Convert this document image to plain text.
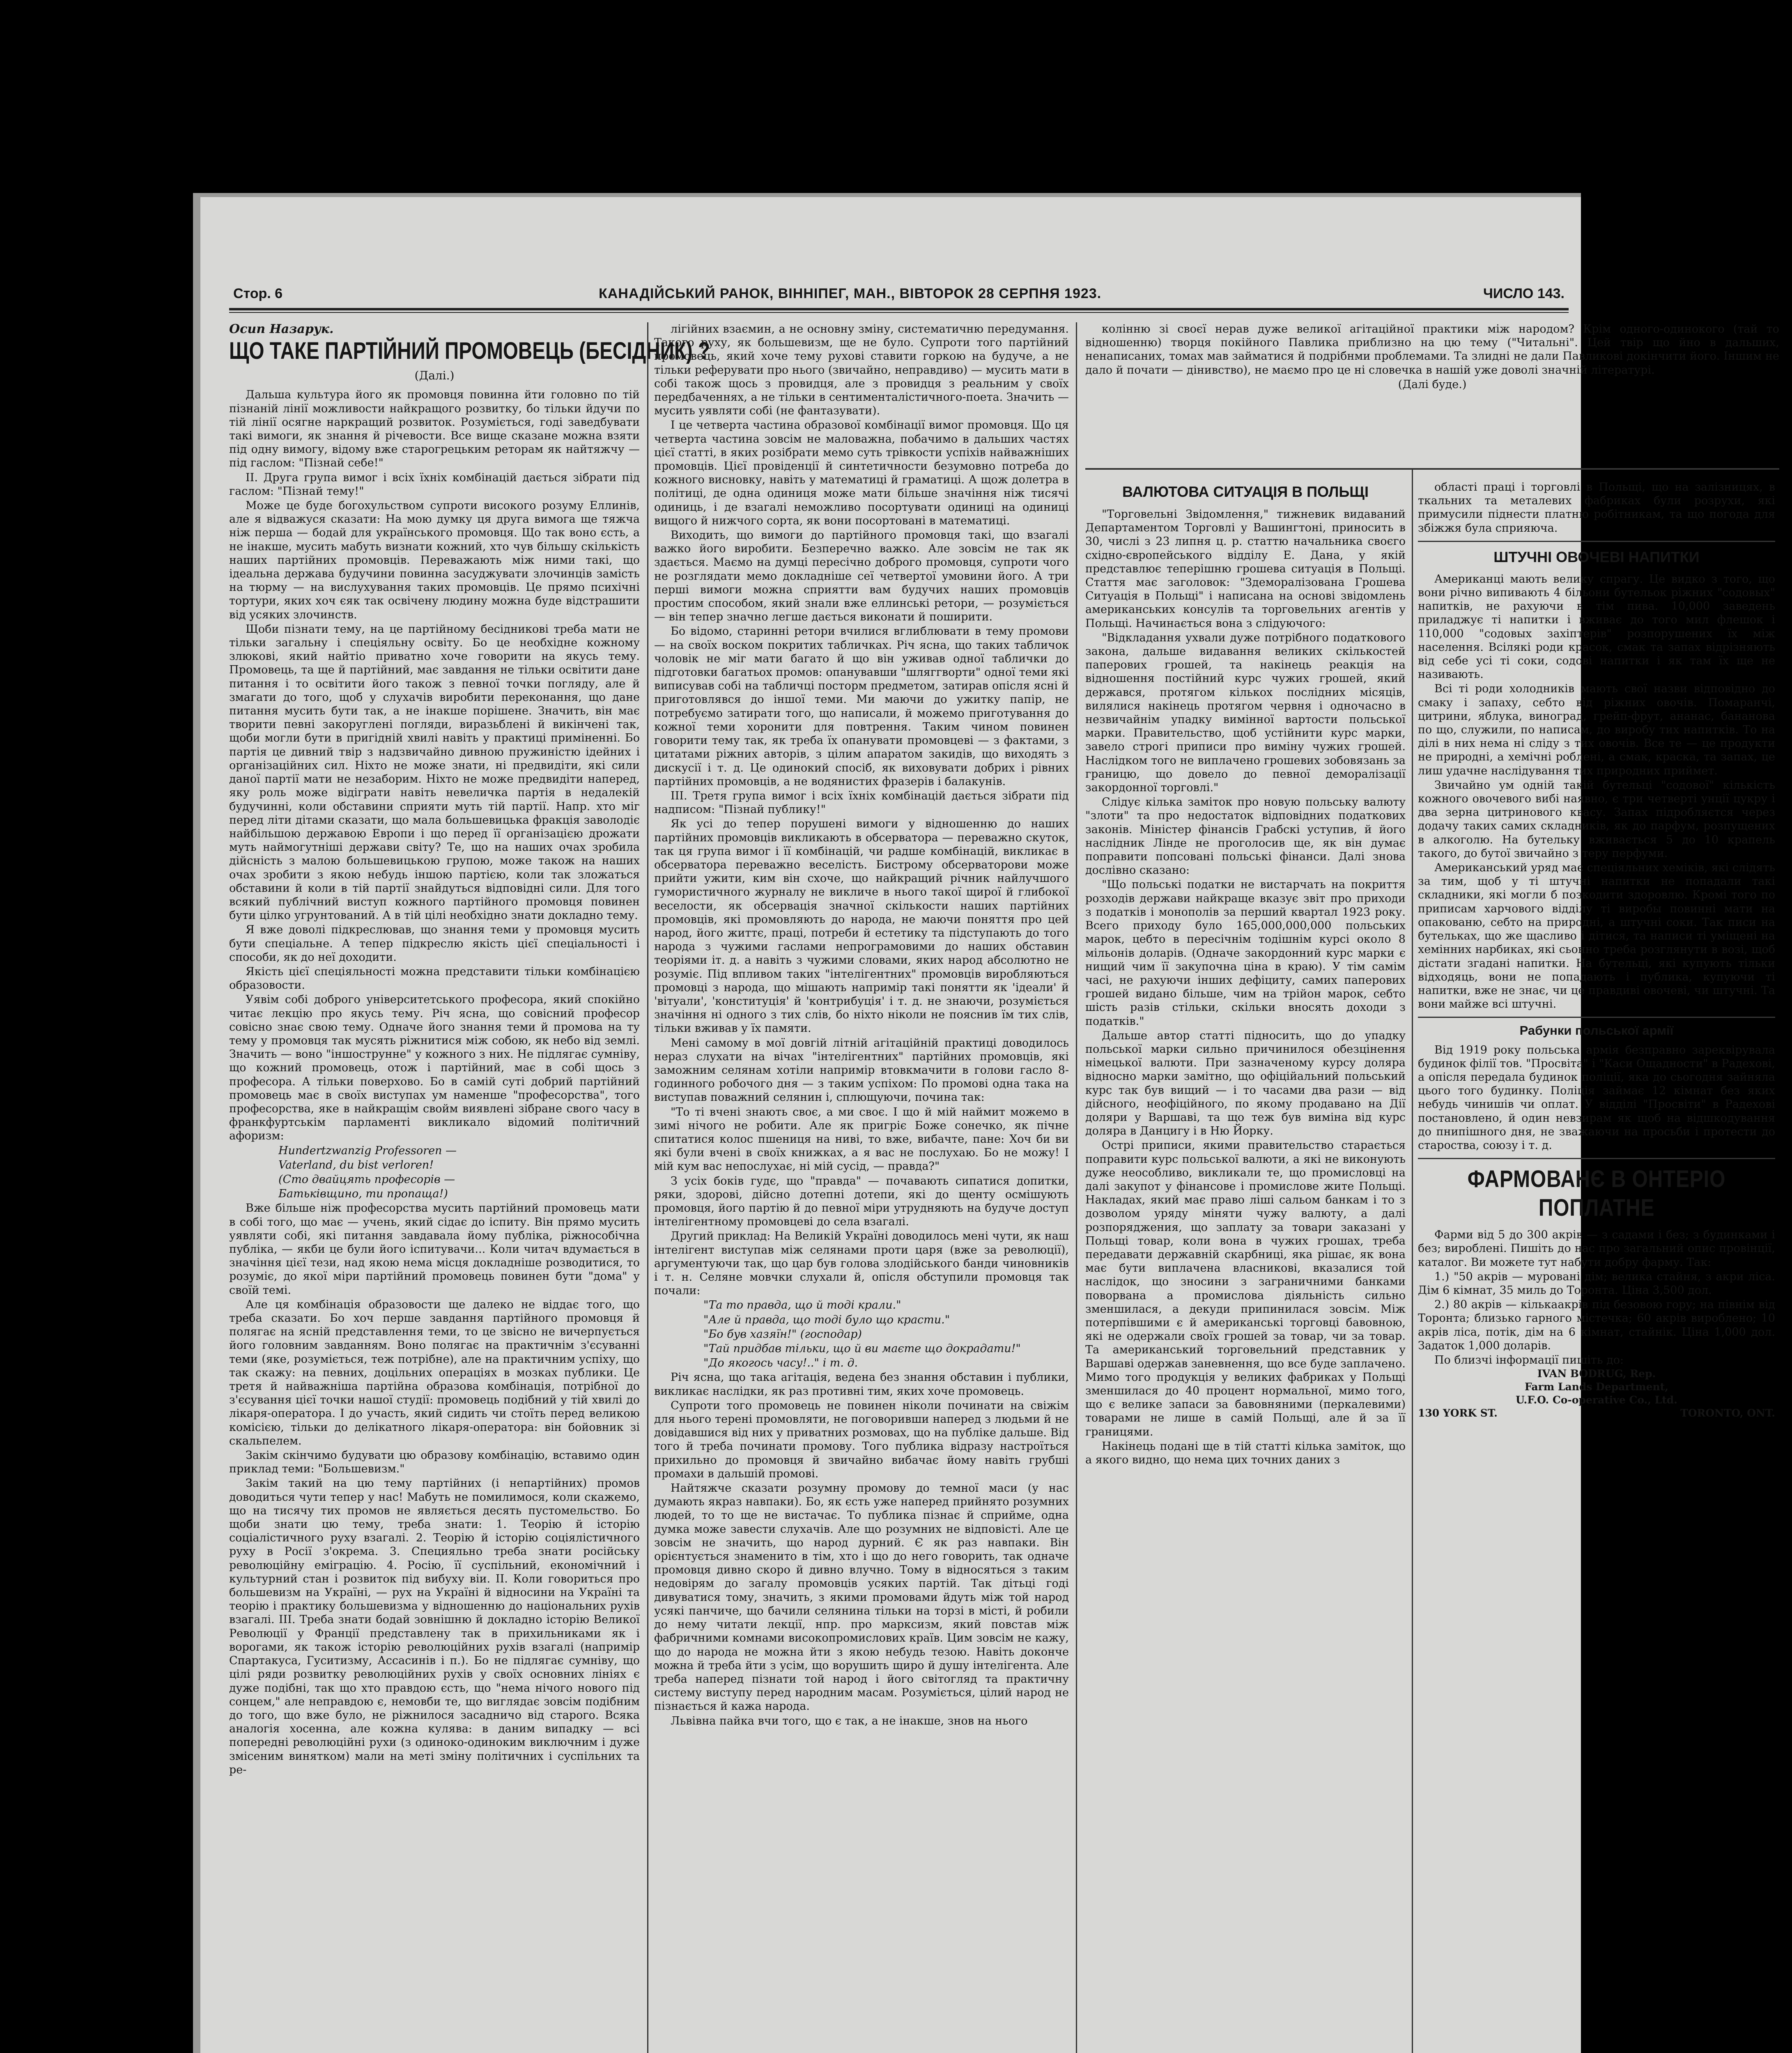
Стор. 6	КАНАДІЙСЬКИЙ РАНОК, ВІННІПЕГ, МАН., ВІВТОРОК 28 СЕРПНЯ 1923.	ЧИСЛО 143.
Осип Назарук.
ЩО ТАКЕ ПАРТІЙНИЙ ПРОМОВЕЦЬ (БЕСІДНИК) ?
(Далі.)

Дальша культура його як промовця повинна йти головно по тій пізнаній лінії можливости найкращого розвитку, бо тільки йдучи по тій лінії осягне наркращий розвиток. Розуміється, годі заведбувати такі вимоги, як знання й річевости. Все вище сказане можна взяти під одну вимогу, відому вже старогрецьким реторам як найтяжчу — під гаслом: "Пізнай себе!"

II. Друга група вимог і всіх їхніх комбінацій дається зібрати під гаслом: "Пізнай тему!"

Може це буде богохульством супроти високого розуму Еллинів, але я відважуся сказати: На мою думку ця друга вимога ще тяжча ніж перша — бодай для українського промовця. Що так воно єсть, а не інакше, мусить мабуть визнати кожний, хто чув більшу скількість наших партійних промовців. Переважають між ними такі, що ідеальна держава будучини повинна засуджувати злочинців замість на тюрму — на вислухування таких промовців. Це прямо психічні тортури, яких хоч єяк так освічену людину можна буде відстрашити від усяких злочинств.

Щоби пізнати тему, на це партійному бесідникові треба мати не тільки загальну і спеціяльну освіту. Бо це необхідне кожному злюкові, який найтіо приватно хоче говорити на якусь тему. Промовець, та ще й партійний, має завдання не тільки освітити дане питання і то освітити його також з певної точки погляду, але й змагати до того, щоб у слухачів виробити переконання, що дане питання мусить бути так, а не інакше порішене. Значить, він має творити певні закоруглені погляди, виразьблені й викінчені так, щоби могли бути в пригідній хвилі навіть у практиці приміненні. Бо партія це дивний твір з надзвичайно дивною пружиністю ідейних і організаційних сил. Ніхто не може знати, ні предвидіти, які сили даної партії мати не незаборим. Ніхто не може предвидіти наперед, яку роль може відіграти навіть невеличка партія в недалекій будучинні, коли обставини сприяти муть тій партії. Напр. хто міг перед літи дітами сказати, що мала большевицька фракція заволодіє найбільшою державою Европи і що перед її організацією дрожати муть наймогутніші держави світу? Те, що на наших очах зробила дійсність з малою большевицькою групою, може також на наших очах зробити з якою небудь іншою партією, коли так зложаться обставини й коли в тій партії знайдуться відповідні сили. Для того всякий публічний виступ кожного партійного промовця повинен бути цілко угрунтований. А в тій цілі необхідно знати докладно тему.

Я вже доволі підкреслював, що знання теми у промовця мусить бути спеціальне. А тепер підкреслю якість цієї спеціальності і способи, як до неї доходити.

Якість цієї спеціяльності можна представити тільки комбінацією образовости.

Уявім собі доброго університетського професора, який спокійно читає лекцію про якусь тему. Річ ясна, що совісний професор совісно знає свою тему. Одначе його знання теми й промова на ту тему у промовця так мусять ріжнитися між собою, як небо від землі. Значить — воно "іншострунне" у кожного з них. Не підлягає сумніву, що кожний промовець, отож і партійний, має в собі щось з професора. А тільки поверхово. Бо в самій суті добрий партійний промовець має в своїх виступах ум наменше "професорства", того професорства, яке в найкращім свойм виявлені зібране свого часу в франкфуртськім парламенті викликало відомий політичний афоризм:

Hundertzwanzig Professoren —

Vaterland, du bist verloren!

(Сто двайцять професорів —

Батьківщино, ти пропаща!)

Вже більше ніж професорства мусить партійний промовець мати в собі того, що має — учень, який сідає до іспиту. Він прямо мусить уявляти собі, які питання завдавала йому публіка, ріжнособічна публіка, — якби це були його іспитувачи... Коли читач вдумається в значіння цієї тези, над якою нема місця докладніше розводитися, то розуміє, до якої міри партійний промовець повинен бути "дома" у своїй темі.

Але ця комбінація образовости ще далеко не віддає того, що треба сказати. Бо хоч перше завдання партійного промовця й полягає на ясній представлення теми, то це звісно не вичерпується його головним завданням. Воно полягає на практичнім з'єсуванні теми (яке, розуміється, теж потрібне), але на практичним успіху, що так скажу: на певних, доцільних операціях в мозках публики. Це третя й найважніша партійна образова комбінація, потрібної до з'єсування цієї точки нашої студії: промовець подібний у тій хвилі до лікаря-оператора. І до участь, який сидить чи стоїть перед великою комісією, тільки до делікатного лікаря-оператора: він бойовник зі скальпелем.

Закім скінчимо будувати цю образову комбінацію, вставимо один приклад теми: "Большевизм."

Закім такий на цю тему партійних (і непартійних) промов доводиться чути тепер у нас! Мабуть не помилимося, коли скажемо, що на тисячу тих промов не являється десять пустомельство. Бо щоби знати цю тему, треба знати: 1. Теорію й історію соціалістичного руху взагалі. 2. Теорію й історію соціялістичного руху в Росії з'окрема. 3. Специяльно треба знати російську революційну еміграцію. 4. Росію, її суспільний, економічний і культурний стан і розвиток під вибуху віи. II. Коли говориться про большевизм на Україні, — рух на Україні й відносини на Україні та теорію і практику большевизма у відношенню до національних рухів взагалі. III. Треба знати бодай зовнішню й докладно історію Великої Революції у Франції представлену так в прихильниками як і ворогами, як також історію революційних рухів взагалі (напримір Спартакуса, Гуситизму, Ассасинів і п.). Бо не підлягає сумніву, що цілі ряди розвитку революційних рухів у своїх основних лініях є дуже подібні, так що хто правдою єсть, що "нема нічого нового під сонцем," але неправдою є, немовби те, що виглядає зовсім подібним до того, що вже було, не ріжнилося засадничо від старого. Всяка аналогія хосенна, але кожна кулява: в даним випадку — всі попередні революційні рухи (з одиноко-одиноким виключним і дуже змісеним винятком) мали на меті зміну політичних і суспільних та ре-

лігійних взаємин, а не основну зміну, систематичню передумання. Такого руху, як большевизм, ще не було. Супроти того партійний промовець, який хоче тему рухові ставити горкою на будуче, а не тільки реферувати про нього (звичайно, неправдиво) — мусить мати в собі також щось з провидця, але з провидця з реальним у своїх передбаченнях, а не тільки в сентименталістичного-поета. Значить — мусить уявляти собі (не фантазувати).

І це четверта частина образової комбінації вимог промовця. Що ця четверта частина зовсім не маловажна, побачимо в дальших частях цієї статті, в яких розібрати мемо суть трівкости успіхів найважніших промовців. Цієї провіденції й синтетичности безумовно потреба до кожного висновку, навіть у математиці й граматиці. А щож долетра в політиці, де одна одиниця може мати більше значіння ніж тисячі одиниць, і де взагалі неможливо посортувати одиниці на одиниці вищого й нижчого сорта, як вони посортовані в математиці.

Виходить, що вимоги до партійного промовця такі, що взагалі важко його виробити. Безперечно важко. Але зовсім не так як здається. Маємо на думці пересічно доброго промовця, супроти чого не розглядати мемо докладніше сеї четвертої умовини його. А три перші вимоги можна сприятти вам будучих наших промовців простим способом, який знали вже еллинські ретори, — розуміється — він тепер значно легше дається виконати й поширити.

Бо відомо, старинні ретори вчилися вглиблювати в тему промови — на своїх воском покритих табличках. Річ ясна, що таких табличок чоловік не міг мати багато й що він уживав одної таблички до підготовки багатьох промов: опанувавши "шляггворти" одної теми які виписував собі на табличці посторм предметом, затирав опісля ясні й приготовлявся до іншої теми. Ми маючи до ужитку папір, не потребуємо затирати того, що написали, й можемо приготування до кожної теми хоронити для повтрення. Таким чином повинен говорити тему так, як треба їх опанувати промовцеві — з фактами, з цитатами ріжних авторів, з цілим апаратом закидів, що виходять з дискусії і т. д. Це одинокий спосіб, як виховувати добрих і рівних партійних промовців, а не водянистих фразерів і балакунів.

III. Третя група вимог і всіх їхніх комбінацій дається зібрати під надписом: "Пізнай публику!"

Як усі до тепер порушені вимоги у відношенню до наших партійних промовців викликають в обсерватора — переважно скуток, так ця група вимог і її комбінацій, чи радше комбінацій, викликає в обсерватора переважно веселість. Бистрому обсерваторови може прийти ужити, ким він схоче, що найкращий річник найлучшого гумористичного журналу не викличе в нього такої щирої й глибокої веселости, як обсервація значної скількости наших партійних промовців, які промовляють до народа, не маючи поняття про цей народ, його життє, праці, потреби й естетику та підступають до того народа з чужими гаслами непрограмовими до наших обставин теоріями іт. д. а навіть з чужими словами, яких народ абсолютно не розуміє. Під впливом таких "інтелігентних" промовців виробляються промовці з народа, що мішають напримір такі понятти як 'ідеали' й 'вітуали', 'конституція' й 'контрибуція' і т. д. не знаючи, розуміється значіння ні одного з тих слів, бо ніхто ніколи не пояснив їм тих слів, тільки вживав у їх памяти.

Мені самому в мої довгій літній агітаційній практиці доводилось нераз слухати на вічах "інтелігентних" партійних промовців, які заможним селянам хотіли напримір втовкмачити в голови гасло 8-годинного робочого дня — з таким успіхом: По промові одна така на виступав поважний селянин і, сплющуючи, почина так:

"То ті вчені знають своє, а ми своє. І що й мій наймит можемо в зимі нічого не робити. Але як пригріє Боже сонечко, як пічне спитатися колос пшениця на ниві, то вже, вибачте, пане: Хоч би ви які були вчені в своїх книжках, а я вас не послухаю. Бо не можу! І мій кум вас непослухає, ні мій сусід, — правда?"

З усіх боків гудє, що "правда" — почавають сипатися допитки, ряки, здорові, дійсно дотепні дотепи, які до щенту осмішують промовця, його партію й до певної міри утрудняють на будуче доступ інтелігентному промовцеві до села взагалі.

Другий приклад: На Великій Україні доводилось мені чути, як наш інтелігент виступав між селянами проти царя (вже за революції), аргументуючи так, що цар був голова злодійського банди чиновників і т. н. Селяне мовчки слухали й, опісля обступили промовця так почали:

"Та то правда, що й тоді крали."

"Але й правда, що тоді було що красти."

"Бо був хазяїн!" (господар)

"Тай придбав тільки, що й ви маєте що докрадати!"

"До якогось часу!.." і т. д.

Річ ясна, що така агітація, ведена без знання обставин і публики, викликає наслідки, як раз противні тим, яких хоче промовець.

Супроти того промовець не повинен ніколи починати на свіжім для нього терені промовляти, не поговоривши наперед з людьми й не довідавшися від них у приватних розмовах, що на публіке дальше. Від того й треба починати промову. Того публика відразу настроїться прихильно до промовця й звичайно вибачає йому навіть грубші промахи в дальшій промові.

Найтяжче сказати розумну промову до темної маси (у нас думають якраз навпаки). Бо, як єсть уже наперед прийнято розумних людей, то то ще не вистачає. То публика пізнає й сприйме, одна думка може завести слухачів. Але що розумних не відповісті. Але це зовсім не значить, що народ дурний. Є як раз навпаки. Він орієнтується знаменито в тім, хто і що до него говорить, так одначе промовця дивно скоро й дивно влучно. Тому в відносяться з таким недовірям до загалу промовців усяких партій. Так дітьці годі дивуватися тому, значить, з якими промовами йдуть між той народ усякі панчиче, що бачили селянина тільки на торзі в місті, й робили до нему читати лекції, нпр. про марксизм, який повстав між фабричними комнами високопромислових країв. Цим зовсім не кажу, що до народа не можна йти з якою небудь тезою. Навіть доконче можна й треба йти з усім, що ворушить щиро й душу інтелігента. Але треба наперед пізнати той народ і його світогляд та практичну систему виступу перед народним масам. Розуміється, цілий народ не пізнається й кажа народа.

Львівна пайка вчи того, що є так, а не інакше, знов на нього

колінню зі своєї нерав дуже великої агітаційної практики між народом? Крім одного-одинокого (тай то відношенню) творця покійного Павлика приблизно на цю тему ("Читальні". Цей твір що йно в дальших, ненаписаних, томах мав займатися й подрібнми проблемами. Та злидні не дали Павликові докінчити його. Іншим не дало й почати — дінивство), не маємо про це ні словечка в нашій уже доволі значній літературі.

(Далі буде.)

ВАЛЮТОВА СИТУАЦІЯ В ПОЛЬЩІ

"Торговельні Звідомлення," тижневик видаваний Департаментом Торговлі у Вашингтоні, приносить в 30, числі з 23 липня ц. р. статтю начальника своєго східно-європейського відділу Е. Дана, у якій представлює теперішню грошева ситуація в Польщі. Стаття має заголовок: "Здеморалізована Грошева Ситуація в Польщі" і написана на основі звідомлень американських консулів та торговельних агентів у Польщі. Начинається вона з слідуючого:

"Відкладання ухвали дуже потрібного податкового закона, дальше видавання великих скількостей паперових грошей, та накінець реакція на відношення постійний курс чужих грошей, який держався, протягом кількох послідних місяців, вилялися накінець протягом червня і одночасно в незвичайнім упадку вимінної вартости польської марки. Правительство, щоб устійнити курс марки, завело строгі приписи про виміну чужих грошей. Наслідком того не виплачено грошевих зобовязань за границю, що довело до певної деморалізації закордонної торговлі."

Слідує кілька заміток про новую польську валюту "злоти" та про недостаток відповідних податкових законів. Міністер фінансів Грабскі уступив, й його наслідник Лінде не проголосив ще, як він думає поправити попсовані польські фінанси. Далі знова дослівно сказано:

"Що польські податки не вистарчать на покриття розходів держави найкраще вказує звіт про приходи з податків і монополів за перший квартал 1923 року. Всего приходу було 165,000,000,000 польських марок, цебто в пересічнім тодішнім курсі около 8 мільонів доларів. (Одначе закордонний курс марки є нищий чим її закупочна ціна в краю). У тім самім часі, не рахуючи інших дефіциту, самих паперових грошей видано більше, чим на трійон марок, себто шість разів стільки, скільки вносять доходи з податків."

Дальше автор статті підносить, що до упадку польської марки сильно причинилося обезцінення німецької валюти. При зазначеному курсу доляра відносно марки замітно, що офіційальний польський курс так був вищий — і то часами два рази — від дійсного, неофіційного, по якому продавано на Дії доляри у Варшаві, та що теж був виміна від курс доляра в Данцигу і в Ню Йорку.

Острі приписи, якими правительство старається поправити курс польської валюти, а які не виконують дуже неособливо, викликали те, що промисловці на далі закупот у фінансове і промислове жите Польщі. Накладах, який має право ліші сальом банкам і то з дозволом уряду міняти чужу валюту, а далі розпоряджения, що заплату за товари заказані у Польщі товар, коли вона в чужих грошах, треба передавати державній скарбниці, яка рішає, як вона має бути виплачена власникові, вказалися той наслідок, що зносини з заграничними банками поворвана а промислова діяльність сильно зменшилася, а декуди припинилася зовсім. Між потерпівшими є й американські торговці бавовною, які не одержали своїх грошей за товар, чи за товар. Та американський торговельний представник у Варшаві одержав заневнення, що все буде заплачено. Мимо того продукція у великих фабриках у Польщі зменшилася до 40 процент нормальної, мимо того, що є велике запаси за бавовняними (перкалевими) товарами не лише в самій Польщі, але й за її границями.

Накінець подані ще в тій статті кілька заміток, що а якого видно, що нема цих точних даних з

області праці і торговлі в Польщі, що на залізницях, в ткальних та металевих фабриках були розрухи, які примусили піднести платню робітникам, та що погода для збіжжя була сприяюча.

ШТУЧНІ ОВОЧЕВІ НАПИТКИ

Американці мають велику спрагу. Це видко з того, що вони річно випивають 4 більони бутельок ріжних "содовых" напитків, не рахуючи в тім пива. 10,000 заведень приладжує ті напитки і вживає до того мил флешок і 110,000 "содовых захіптерів" розпорушених їх між населення. Всілякі роди красок, смак та запах відрізняють від себе усі ті соки, содові напитки і як там їх ще не називають.

Всі ті роди холодників мають свої назви відповідно до смаку і запаху, себто від ріжних овочів. Помаранчі, цитрини, яблука, виноград, грейп-фрут, ананас, бананова по що, служили, по написам, до виробу тих напитків. То на ділі в них нема ні сліду з тих овочів. Все те — це продукти не природні, а хемічні роблені, а смак, краска, та запах, це лиш удачне наслідування тих природних приймет.

Звичайно ум одній такій бутельці "содової" кількість кожного овочевого вибі наявно, є три четверті унції цукру і два зерна цитринового квасу. Запах підробляєтся через додачу таких самих складників, як до парфум, розпущених в алкоголю. На бутельку вживається 5 до 10 крапель такого, до бутої звичайно з теру перфуми.

Американський уряд має спеціяльних хеміків, які слідять за тим, щоб у ті штучні напитки не попадали такі складники, які могли б позкодити здоровлю. Кромі того по приписам харчового відділу ті виробы повинні мати на опакованю, себто на природні, а штучні соки. Так писи на бутельках, що же щасливо і дітися, та написи ті уміщені на хемінних нарбиках, які сьонно треба розглянути в возі, щоб дістати згадані напитки. На бутельці, які купують тільки відходяць, вони не попадають і публика, купуючи ті напитки, вже не знає, чи це правдиві овочеві, чи штучні. Та вони майже всі штучні.

Рабунки польської армії

Від 1919 року польська армія безправно зареквірувала будинок філії тов. "Просвіта" і "Каси Ощадности" в Радехові, а опісля передала будинок поліції, яка до сьогодня зайняла цього того будинку. Поліція займає 12 кімнат без яких небудь чинишів чи оплат. У відділі "Просвіти" в Радехові постановлено, й один невзирам як щоб на відшкодування до пнипішного дня, не зважаючи на просьби і протести до староства, союзу і т. д.

ФАРМОВАНЄ В ОНТЕРІО ПОПЛАТНЕ

Фарми від 5 до 300 акрів — з садами і без; з будинками і без; вироблені. Пишіть до нас про загальний опис провінції, каталог. Ви можете тут набути добру фарму. Так:

1.) "50 акрів — муровані дім; велика стайня, з акри ліса. Дім 6 кімнат, 35 миль до Торонта. Ціна 3,500 дол.

2.) 80 акрів — кількаакрів під безовою гору; на півнім від Торонта; близько гарного містечка; 60 акрів вироблено; 10 акрів ліса, потік, дім на 6 кімнат, стайнік. Ціна 1,000 дол. Задаток 1,000 доларів.

По близчі інформації пишіть до:

IVAN BODRUG, Rep.

Farm Lands Department,

U.F.O. Co-operative Co., Ltd.

130 YORK ST.	TORONTO, ONT.
